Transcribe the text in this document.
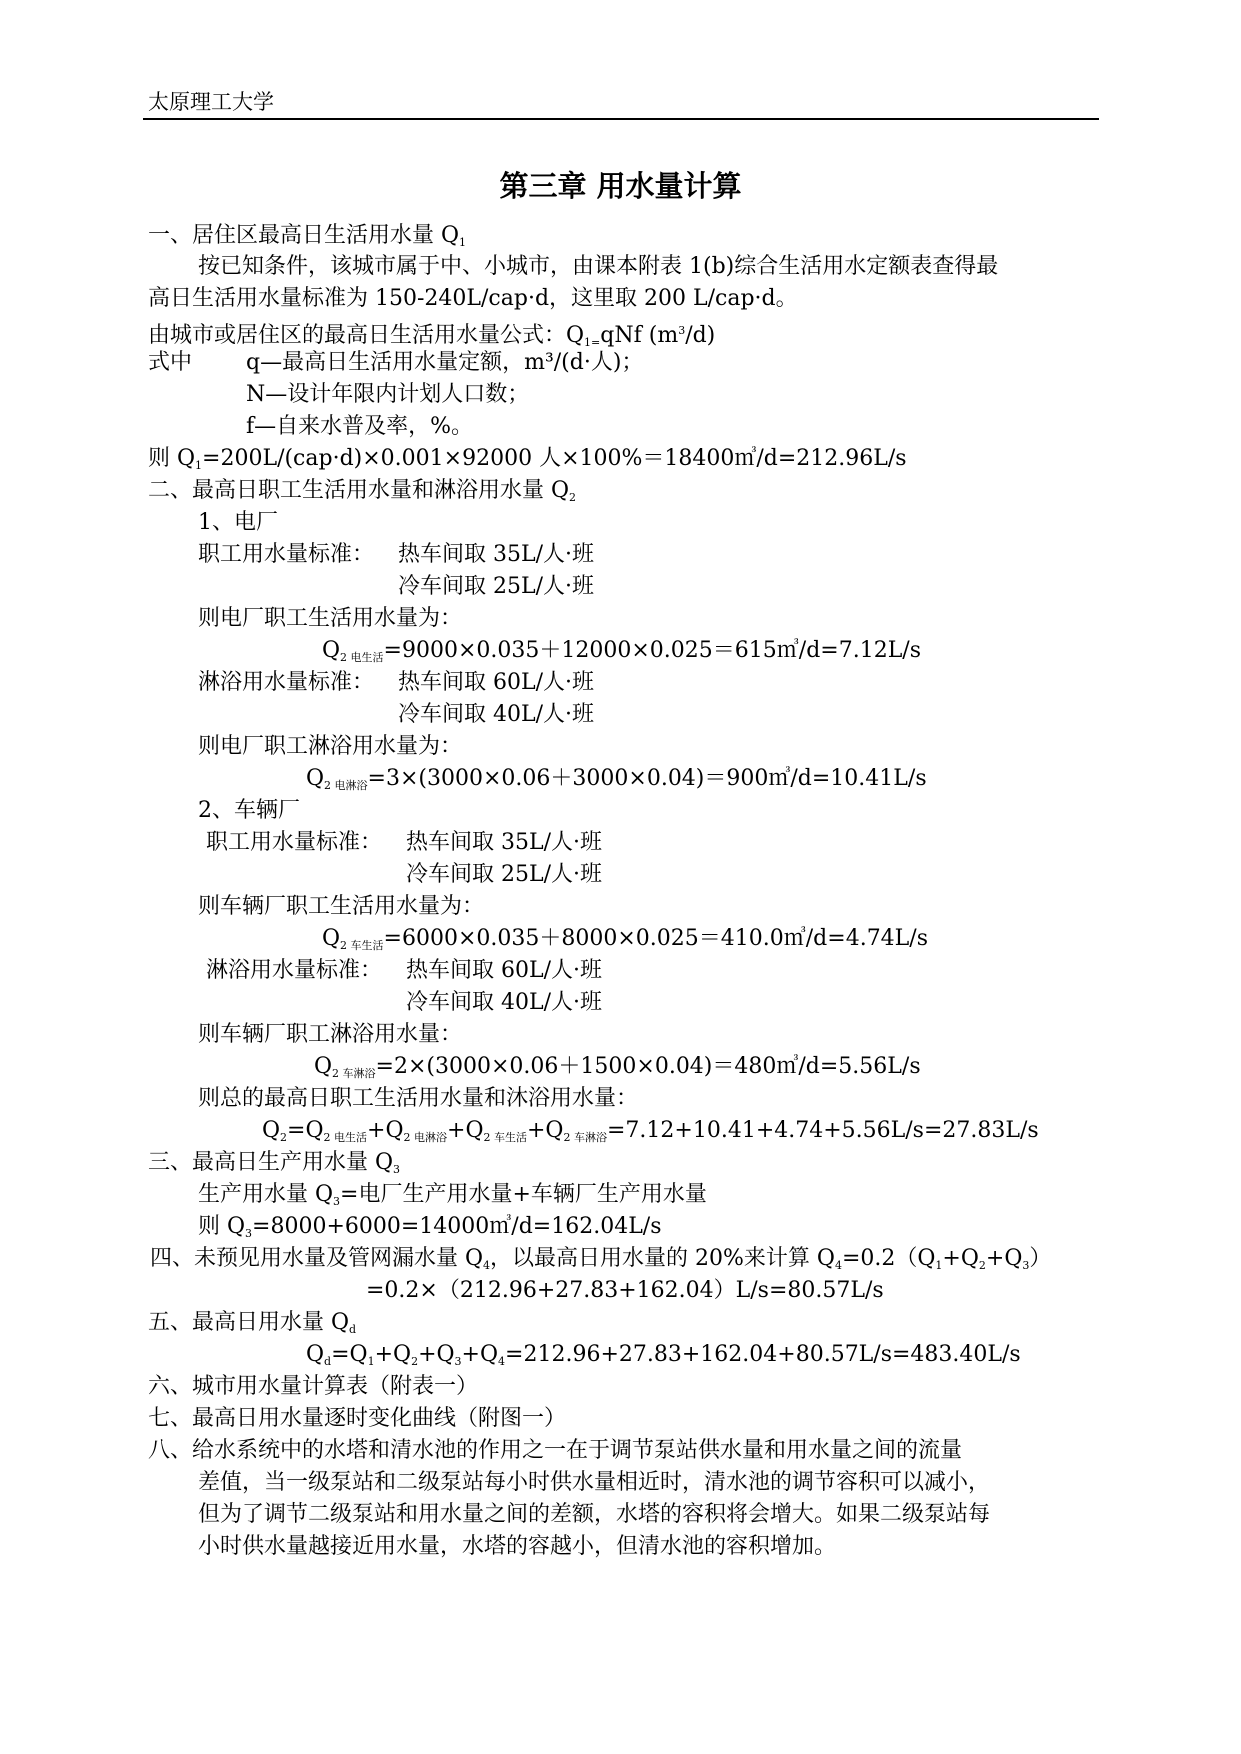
太原理工大学
第三章 用水量计算
一、居住区最高日生活用水量 $Q_1$
按已知条件，该城市属于中、小城市，由课本附表 1(b)综合生活用水定额表查得最
高日生活用水量标准为 150-240L/cap·d，这里取 200 L/cap·d。
由城市或居住区的最高日生活用水量公式：$Q_{1=}qNf$ $(m^3/d)$
式中 q—最高日生活用水量定额，m³/(d·人)；
N—设计年限内计划人口数；
f—自来水普及率，%。
则 $Q_1=200L/(cap\cdot d)\times 0.001\times 92000$ 人×100%＝18400㎥/d=212.96L/s
二、最高日职工生活用水量和淋浴用水量 $Q_2$
1、电厂
职工用水量标准： 热车间取 35L/人·班
冷车间取 25L/人·班
则电厂职工生活用水量为：
$Q_{2 电生活}=9000\times 0.035+12000\times 0.025=615㎥/d=7.12L/s$
淋浴用水量标准： 热车间取 60L/人·班
冷车间取 40L/人·班
则电厂职工淋浴用水量为：
$Q_{2 电淋浴}=3\times(3000\times 0.06+3000\times 0.04)=900㎥/d=10.41L/s$
2、车辆厂
职工用水量标准： 热车间取 35L/人·班
冷车间取 25L/人·班
则车辆厂职工生活用水量为：
$Q_{2 车生活}=6000\times 0.035+8000\times 0.025=410.0㎥/d=4.74L/s$
淋浴用水量标准： 热车间取 60L/人·班
冷车间取 40L/人·班
则车辆厂职工淋浴用水量：
$Q_{2 车淋浴}=2\times(3000\times 0.06+1500\times 0.04)=480㎥/d=5.56L/s$
则总的最高日职工生活用水量和沐浴用水量：
$Q_2=Q_{2 电生活}+Q_{2 电淋浴}+Q_{2 车生活}+Q_{2 车淋浴}=7.12+10.41+4.74+5.56L/s=27.83L/s$
三、最高日生产用水量 $Q_3$
生产用水量 $Q_3=$电厂生产用水量+车辆厂生产用水量
则 $Q_3=8000+6000=14000㎥/d=162.04L/s$
四、未预见用水量及管网漏水量 $Q_4$，以最高日用水量的 20%来计算 $Q_4=0.2(Q_1+Q_2+Q_3)$
=0.2×（212.96+27.83+162.04）L/s=80.57L/s
五、最高日用水量 $Q_d$
$Q_d=Q_1+Q_2+Q_3+Q_4=212.96+27.83+162.04+80.57L/s=483.40L/s$
六、城市用水量计算表（附表一）
七、最高日用水量逐时变化曲线（附图一）
八、给水系统中的水塔和清水池的作用之一在于调节泵站供水量和用水量之间的流量
差值，当一级泵站和二级泵站每小时供水量相近时，清水池的调节容积可以减小，
但为了调节二级泵站和用水量之间的差额，水塔的容积将会增大。如果二级泵站每
小时供水量越接近用水量，水塔的容越小，但清水池的容积增加。
